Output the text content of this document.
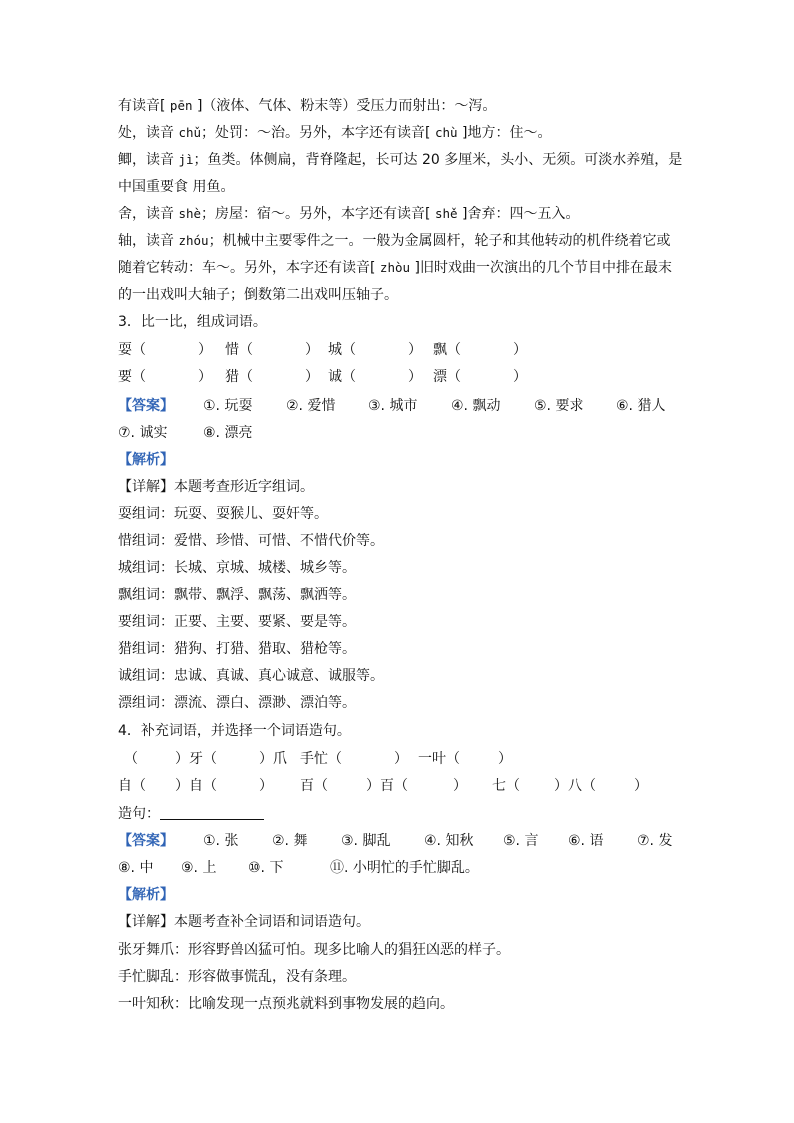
有读音[ pēn ]（液体、气体、粉末等）受压力而射出：～泻。
处，读音 chǔ；处罚：～治。另外，本字还有读音[ chù ]地方：住～。
鲫，读音 jì；鱼类。体侧扁，背脊隆起，长可达 20 多厘米，头小、无须。可淡水养殖，是
中国重要食 用鱼。
舍，读音 shè；房屋：宿～。另外，本字还有读音[ shě ]舍弃：四～五入。
轴，读音 zhóu；机械中主要零件之一。一般为金属圆杆，轮子和其他转动的机件绕着它或
随着它转动：车～。另外，本字还有读音[ zhòu ]旧时戏曲一次演出的几个节目中排在最末
的一出戏叫大轴子；倒数第二出戏叫压轴子。
3．比一比，组成词语。
耍（	） 惜（	） 城（	） 飘（	）
要（	） 猎（	） 诚（	） 漂（	）
【答案】 ①. 玩耍 ②. 爱惜 ③. 城市 ④. 飘动 ⑤. 要求 ⑥. 猎人
⑦. 诚实	⑧. 漂亮
【解析】
【详解】本题考查形近字组词。
耍组词：玩耍、耍猴儿、耍奸等。
惜组词：爱惜、珍惜、可惜、不惜代价等。
城组词：长城、京城、城楼、城乡等。
飘组词：飘带、飘浮、飘荡、飘洒等。
要组词：正要、主要、要紧、要是等。
猎组词：猎狗、打猎、猎取、猎枪等。
诚组词：忠诚、真诚、真心诚意、诚服等。
漂组词：漂流、漂白、漂渺、漂泊等。
4．补充词语，并选择一个词语造句。
（	）牙（	）爪 手忙（	） 一叶（	）
自（ ）自（	） 百（	）百（	） 七（ ）八（	）
造句：
【答案】 ①. 张 ②. 舞 ③. 脚乱 ④. 知秋 ⑤. 言 ⑥. 语 ⑦. 发
⑧. 中 ⑨. 上 ⑩. 下	⑪. 小明忙的手忙脚乱。
【解析】
【详解】本题考查补全词语和词语造句。
张牙舞爪：形容野兽凶猛可怕。现多比喻人的猖狂凶恶的样子。
手忙脚乱：形容做事慌乱，没有条理。
一叶知秋：比喻发现一点预兆就料到事物发展的趋向。
